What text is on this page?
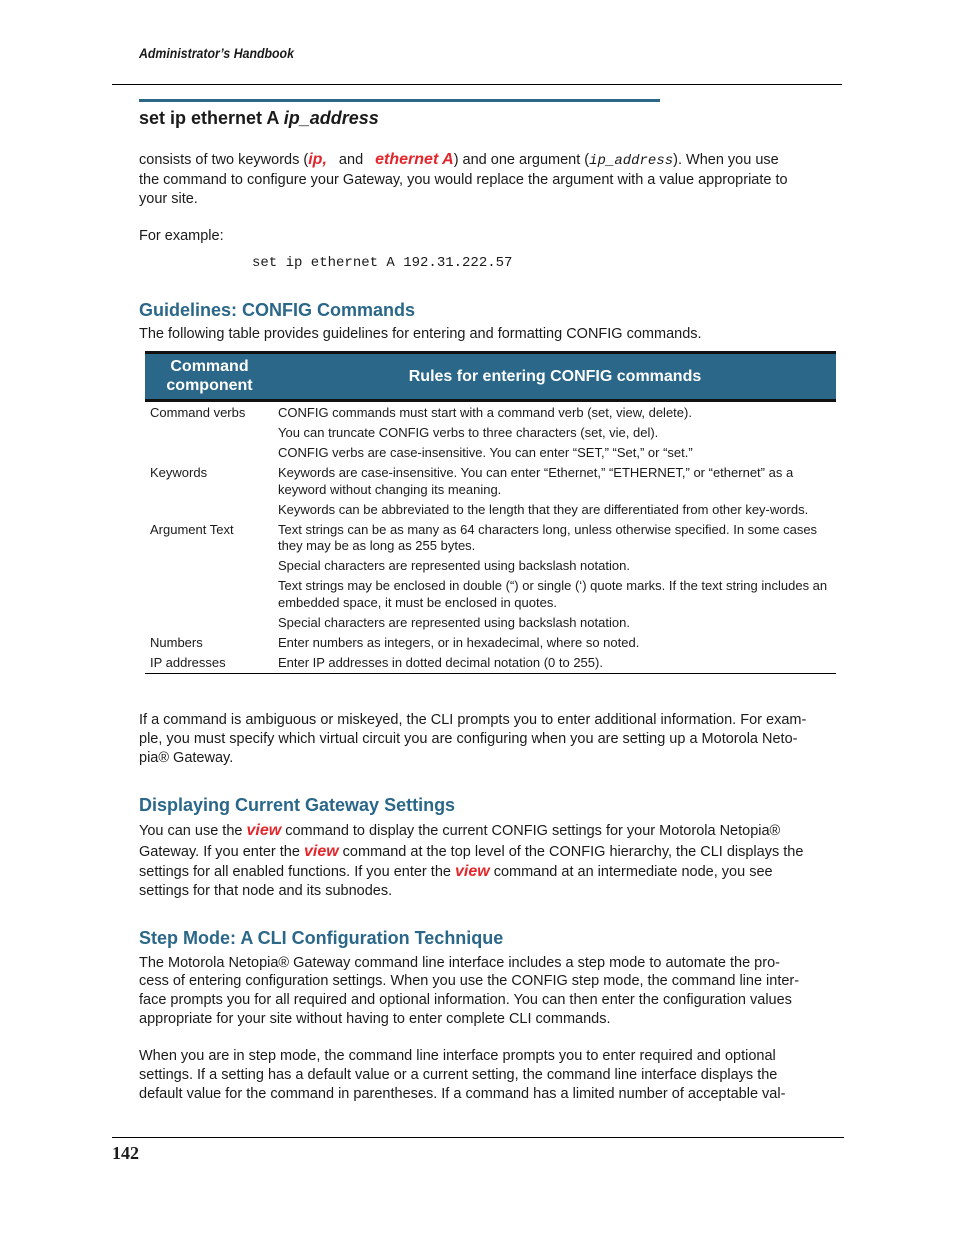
Administrator’s Handbook
set ip ethernet A ip_address

consists of two keywords (ip, and ethernet A) and one argument (ip_address). When you use

the command to configure your Gateway, you would replace the argument with a value appropriate to

your site.

For example:

set ip ethernet A 192.31.222.57
Guidelines: CONFIG Commands

The following table provides guidelines for entering and formatting CONFIG commands.

Command
component	Rules for entering CONFIG commands
Command verbs	CONFIG commands must start with a command verb (set, view, delete).
	You can truncate CONFIG verbs to three characters (set, vie, del).
	CONFIG verbs are case-insensitive. You can enter “SET,” “Set,” or “set.”
Keywords	Keywords are case-insensitive. You can enter “Ethernet,” “ETHERNET,” or “ethernet” as a keyword without changing its meaning.
	Keywords can be abbreviated to the length that they are differentiated from other key-words.
Argument Text	Text strings can be as many as 64 characters long, unless otherwise specified. In some cases they may be as long as 255 bytes.
	Special characters are represented using backslash notation.
	Text strings may be enclosed in double (“) or single (‘) quote marks. If the text string includes an embedded space, it must be enclosed in quotes.
	Special characters are represented using backslash notation.
Numbers	Enter numbers as integers, or in hexadecimal, where so noted.
IP addresses	Enter IP addresses in dotted decimal notation (0 to 255).

If a command is ambiguous or miskeyed, the CLI prompts you to enter additional information. For exam-

ple, you must specify which virtual circuit you are configuring when you are setting up a Motorola Neto-

pia® Gateway.

Displaying Current Gateway Settings

You can use the view command to display the current CONFIG settings for your Motorola Netopia®

Gateway. If you enter the view command at the top level of the CONFIG hierarchy, the CLI displays the

settings for all enabled functions. If you enter the view command at an intermediate node, you see

settings for that node and its subnodes.

Step Mode: A CLI Configuration Technique

The Motorola Netopia® Gateway command line interface includes a step mode to automate the pro-

cess of entering configuration settings. When you use the CONFIG step mode, the command line inter-

face prompts you for all required and optional information. You can then enter the configuration values

appropriate for your site without having to enter complete CLI commands.

When you are in step mode, the command line interface prompts you to enter required and optional

settings. If a setting has a default value or a current setting, the command line interface displays the

default value for the command in parentheses. If a command has a limited number of acceptable val-

142
